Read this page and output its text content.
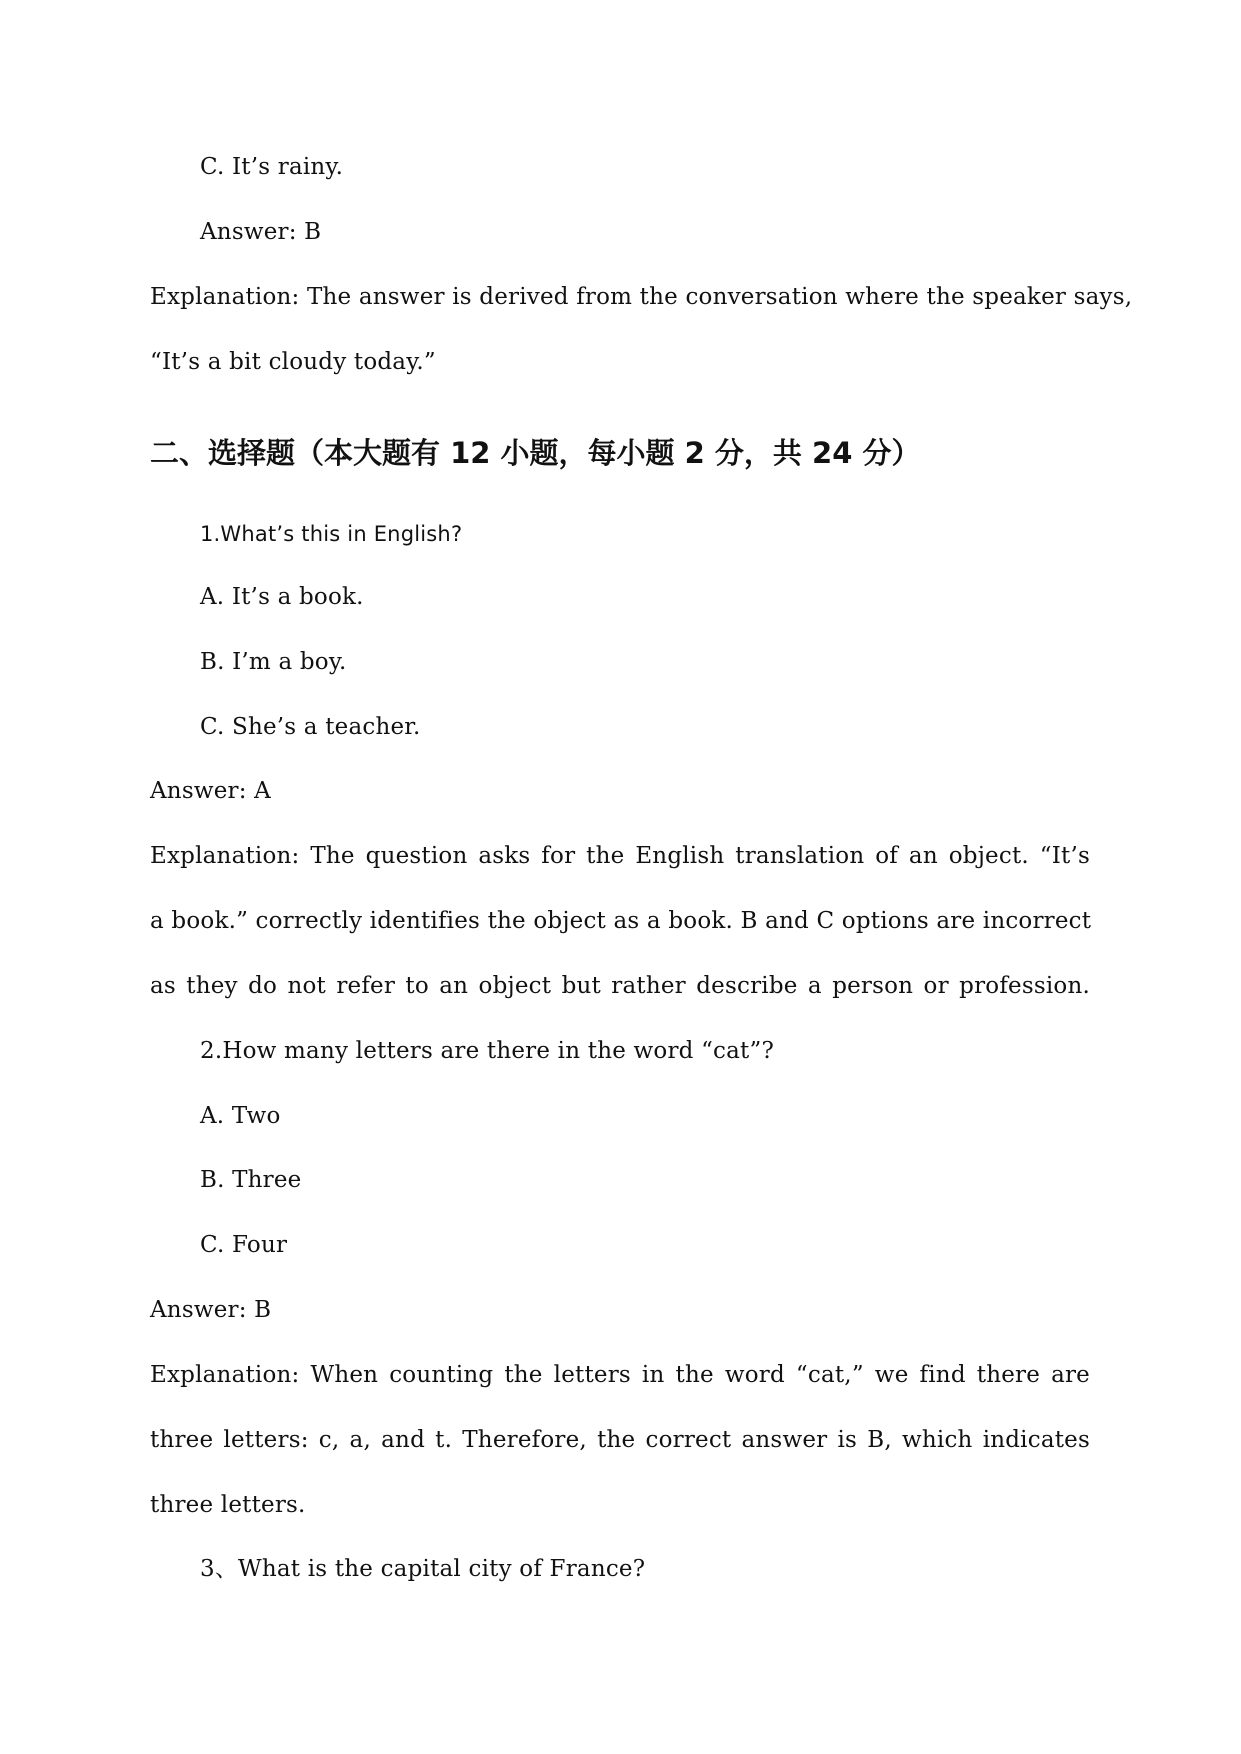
C. It’s rainy.
Answer: B
Explanation: The answer is derived from the conversation where the speaker says,
“It’s a bit cloudy today.”
二、选择题（本大题有 12 小题，每小题 2 分，共 24 分）
1.What’s this in English?
A. It’s a book.
B. I’m a boy.
C. She’s a teacher.
Answer: A
Explanation: The question asks for the English translation of an object. “It’s
a book.” correctly identifies the object as a book. B and C options are incorrect
as they do not refer to an object but rather describe a person or profession.
2.How many letters are there in the word “cat”?
A. Two
B. Three
C. Four
Answer: B
Explanation: When counting the letters in the word “cat,” we find there are
three letters: c, a, and t. Therefore, the correct answer is B, which indicates
three letters.
3、What is the capital city of France?
